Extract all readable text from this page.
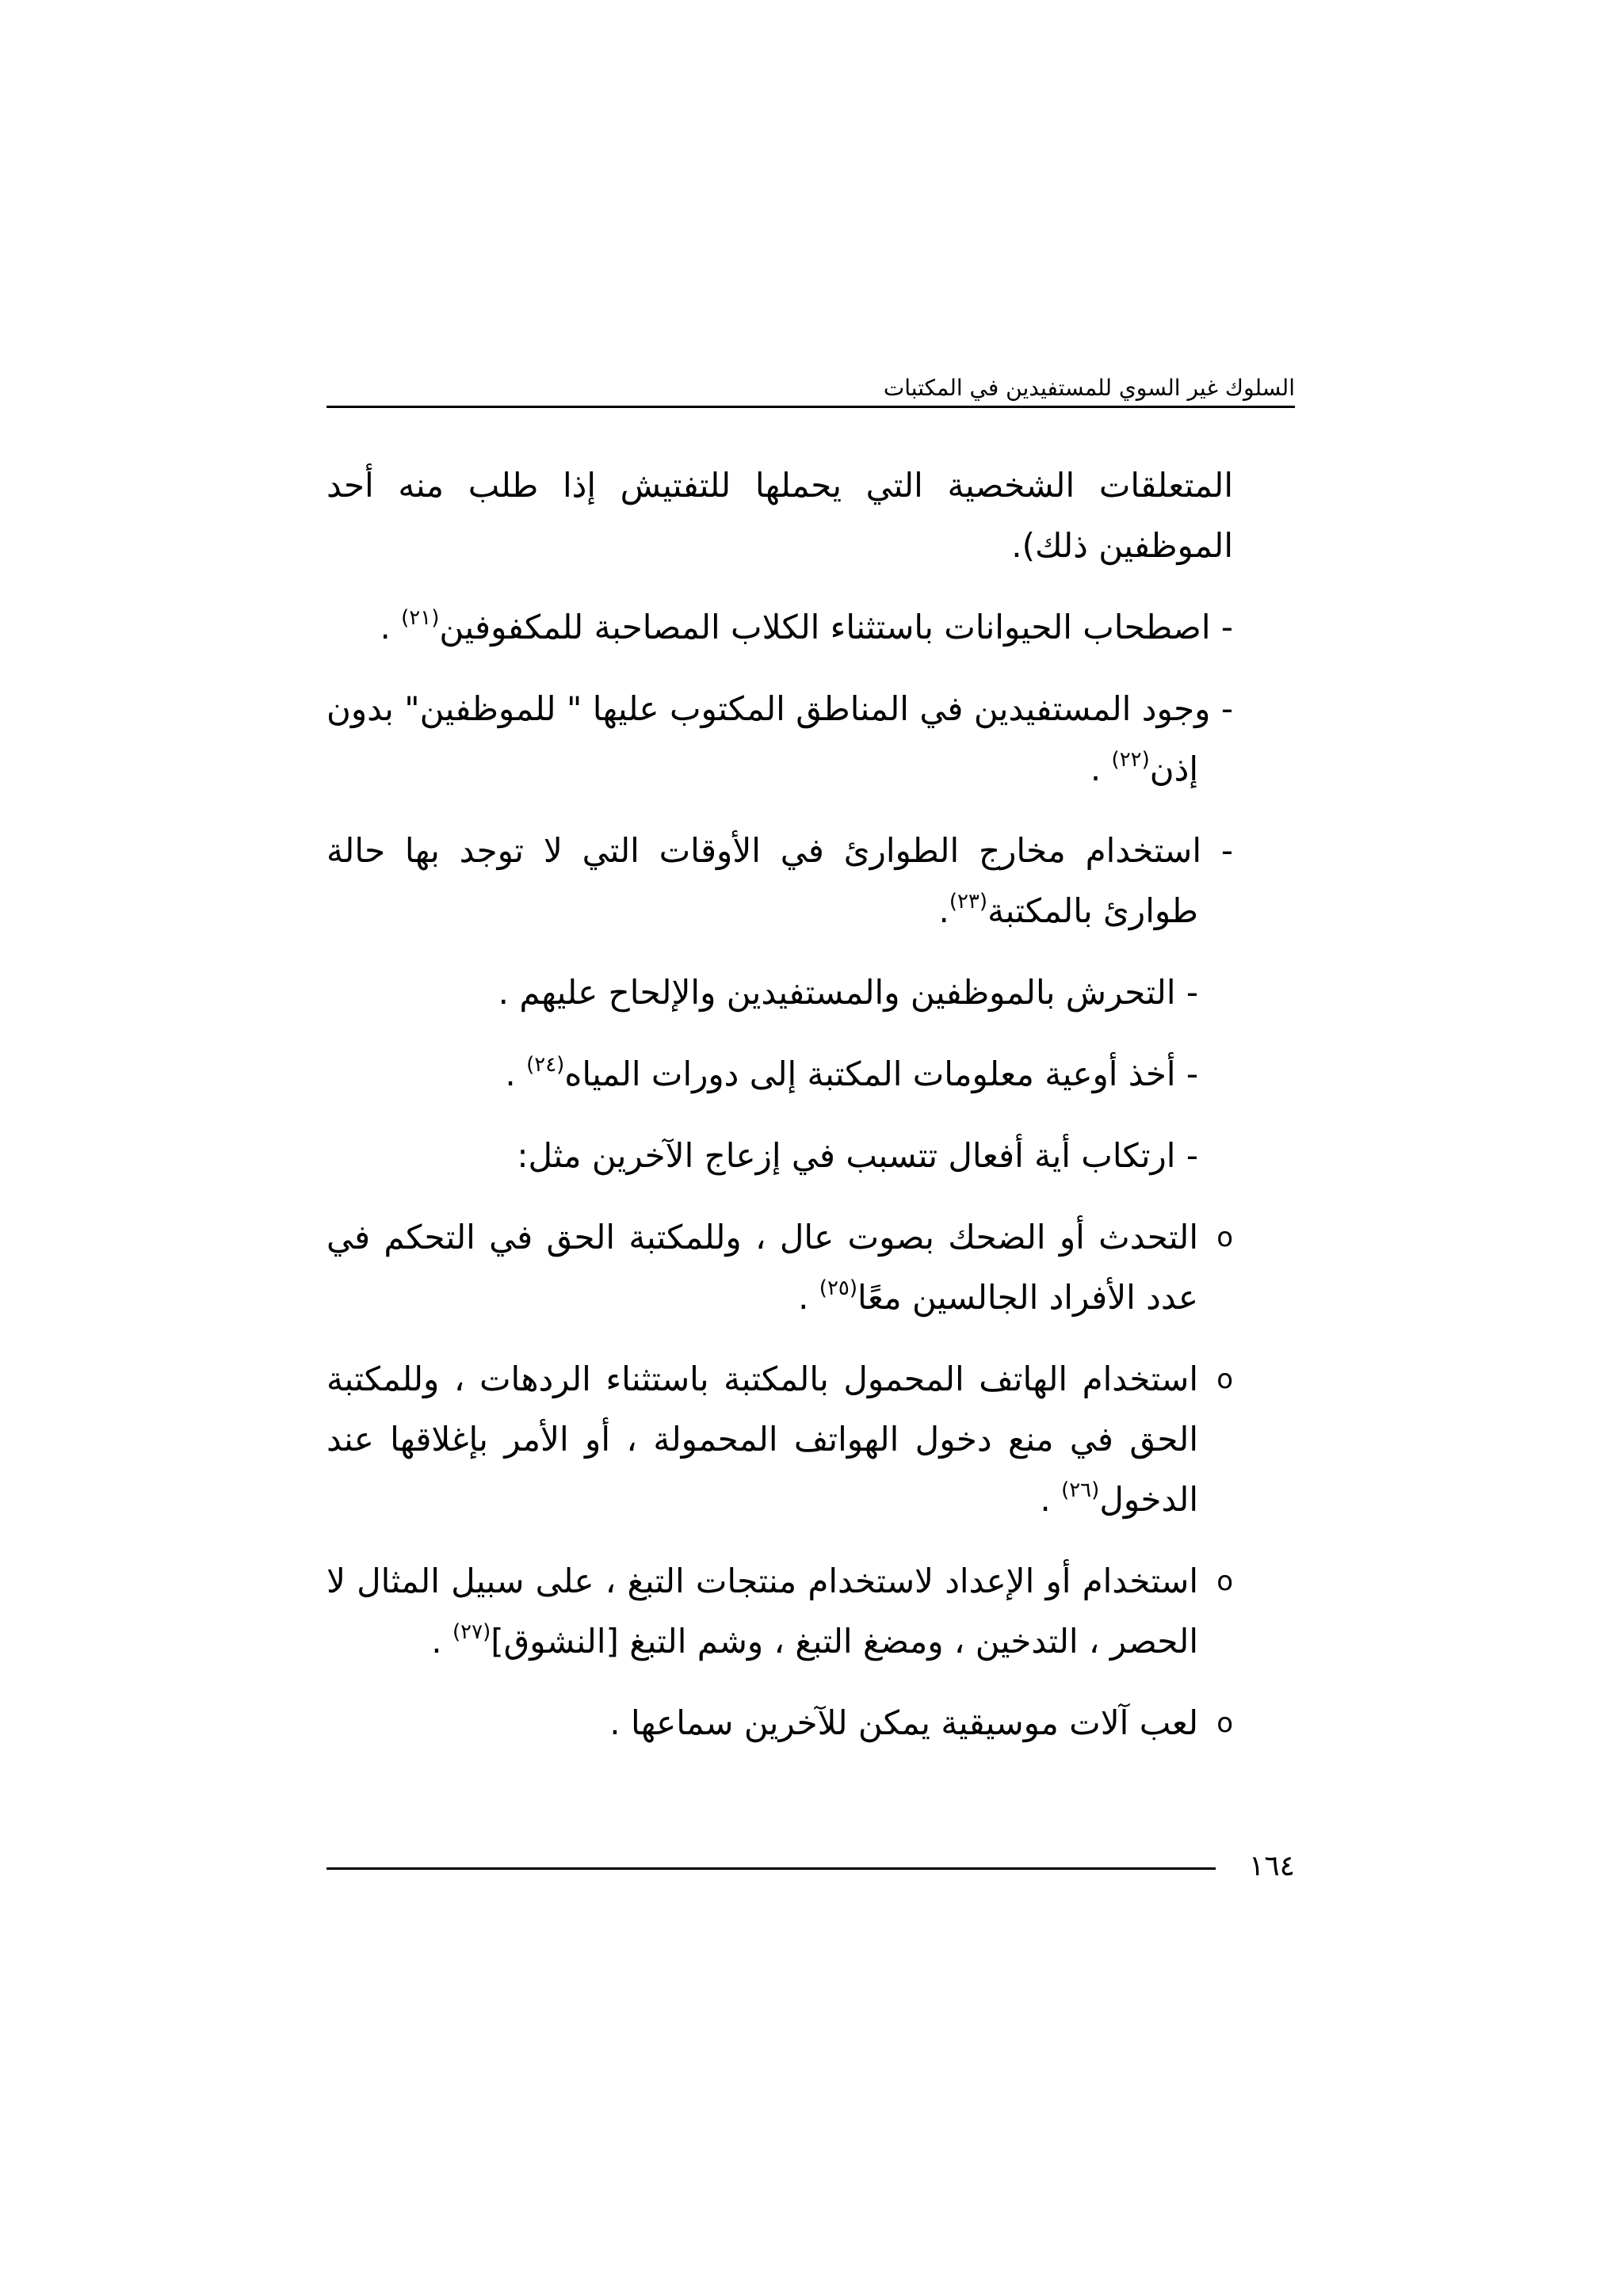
السلوك غير السوي للمستفيدين في المكتبات

المتعلقات الشخصية التي يحملها للتفتيش إذا طلب منه أحد الموظفين ذلك).

- اصطحاب الحيوانات باستثناء الكلاب المصاحبة للمكفوفين$^{(٢١)}$ .

- وجود المستفيدين في المناطق المكتوب عليها " للموظفين" بدون إذن$^{(٢٢)}$ .

- استخدام مخارج الطوارئ في الأوقات التي لا توجد بها حالة طوارئ بالمكتبة$^{(٢٣)}$.

- التحرش بالموظفين والمستفيدين والإلحاح عليهم .

- أخذ أوعية معلومات المكتبة إلى دورات المياه$^{(٢٤)}$ .

- ارتكاب أية أفعال تتسبب في إزعاج الآخرين مثل:

o
التحدث أو الضحك بصوت عال ، وللمكتبة الحق في التحكم في عدد الأفراد الجالسين معًا$^{(٢٥)}$ .
o
استخدام الهاتف المحمول بالمكتبة باستثناء الردهات ، وللمكتبة الحق في منع دخول الهواتف المحمولة ، أو الأمر بإغلاقها عند الدخول$^{(٢٦)}$ .
o
استخدام أو الإعداد لاستخدام منتجات التبغ ، على سبيل المثال لا الحصر ، التدخين ، ومضغ التبغ ، وشم التبغ [النشوق]$^{(٢٧)}$ .
o
لعب آلات موسيقية يمكن للآخرين سماعها .
١٦٤
